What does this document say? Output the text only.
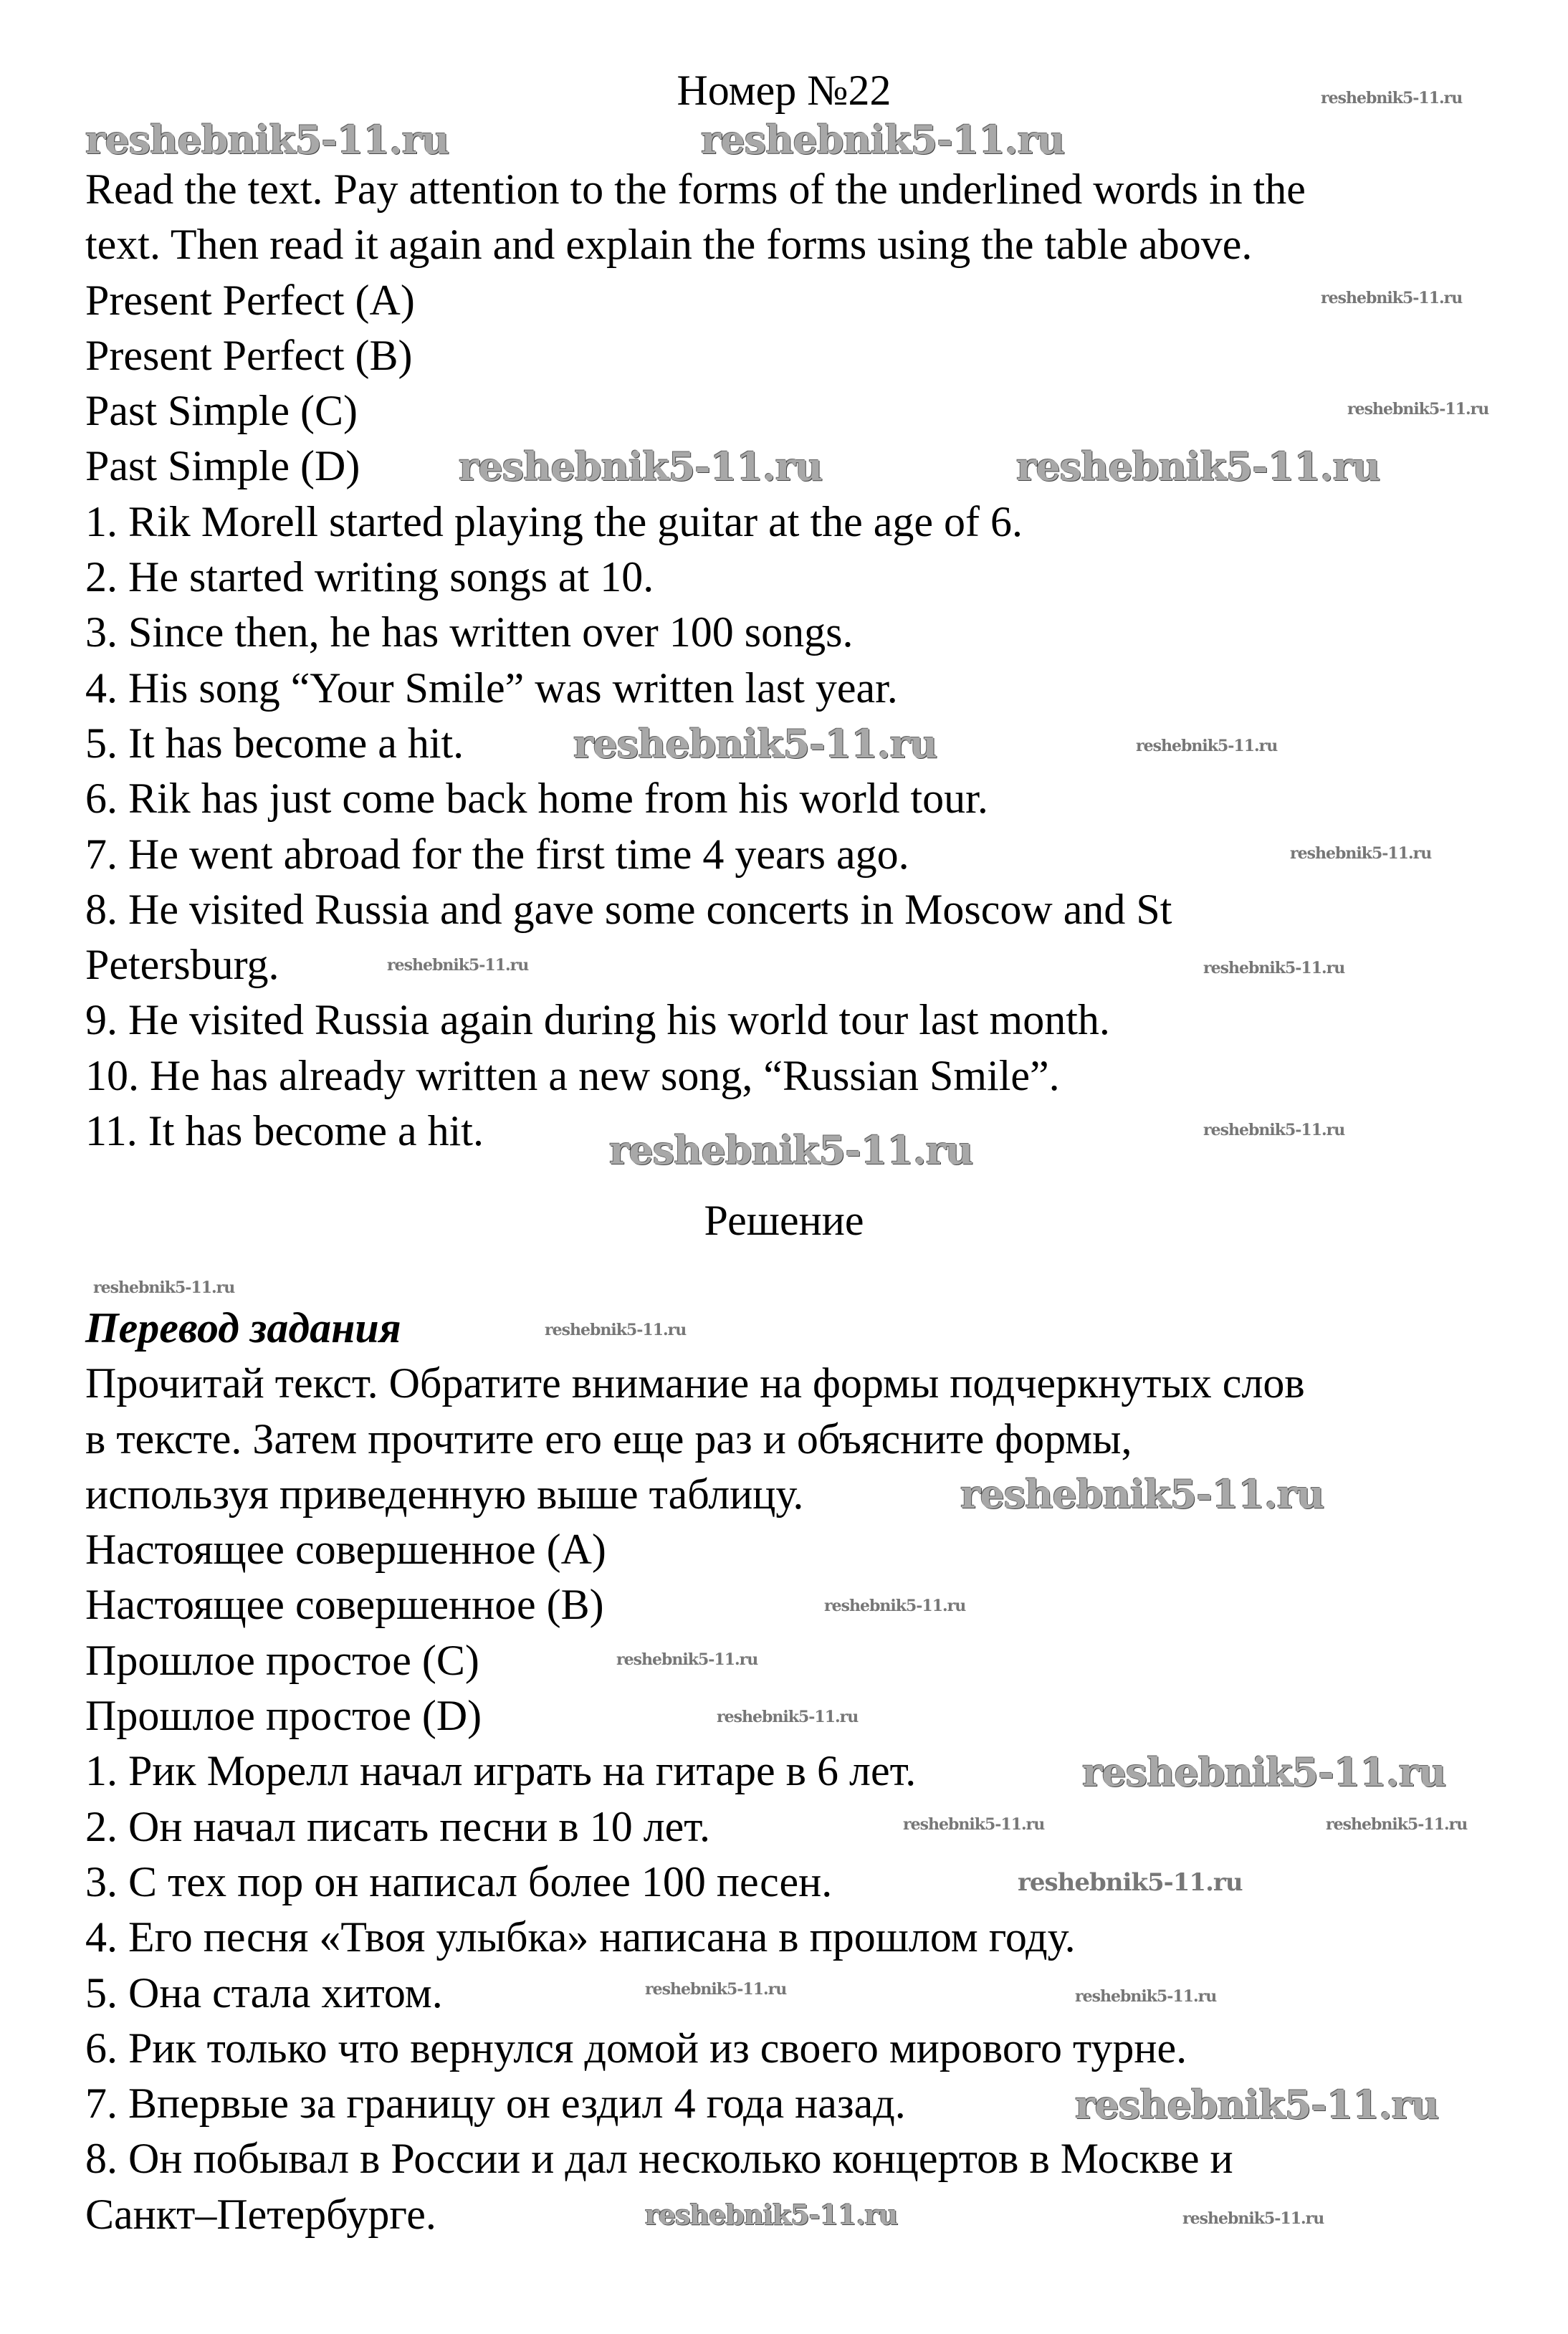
Номер №22
Read the text. Pay attention to the forms of the underlined words in the
text. Then read it again and explain the forms using the table above.
Present Perfect (A)
Present Perfect (B)
Past Simple (C)
Past Simple (D)
1. Rik Morell started playing the guitar at the age of 6.
2. He started writing songs at 10.
3. Since then, he has written over 100 songs.
4. His song “Your Smile” was written last year.
5. It has become a hit.
6. Rik has just come back home from his world tour.
7. He went abroad for the first time 4 years ago.
8. He visited Russia and gave some concerts in Moscow and St
Petersburg.
9. He visited Russia again during his world tour last month.
10. He has already written a new song, “Russian Smile”.
11. It has become a hit.
Решение
Перевод задания
Прочитай текст. Обратите внимание на формы подчеркнутых слов
в тексте. Затем прочтите его еще раз и объясните формы,
используя приведенную выше таблицу.
Настоящее совершенное (A)
Настоящее совершенное (B)
Прошлое простое (C)
Прошлое простое (D)
1. Рик Морелл начал играть на гитаре в 6 лет.
2. Он начал писать песни в 10 лет.
3. С тех пор он написал более 100 песен.
4. Его песня «Твоя улыбка» написана в прошлом году.
5. Она стала хитом.
6. Рик только что вернулся домой из своего мирового турне.
7. Впервые за границу он ездил 4 года назад.
8. Он побывал в России и дал несколько концертов в Москве и
Санкт–Петербурге.
reshebnik5-11.ru
reshebnik5-11.ru	reshebnik5-11.ru
reshebnik5-11.ru
reshebnik5-11.ru
reshebnik5-11.ru	reshebnik5-11.ru
reshebnik5-11.ru	reshebnik5-11.ru
reshebnik5-11.ru
reshebnik5-11.ru	reshebnik5-11.ru
reshebnik5-11.ru
reshebnik5-11.ru
reshebnik5-11.ru
reshebnik5-11.ru
reshebnik5-11.ru
reshebnik5-11.ru
reshebnik5-11.ru
reshebnik5-11.ru
reshebnik5-11.ru
reshebnik5-11.ru
reshebnik5-11.ru
reshebnik5-11.ru
reshebnik5-11.ru	reshebnik5-11.ru
reshebnik5-11.ru
reshebnik5-11.ru	reshebnik5-11.ru
